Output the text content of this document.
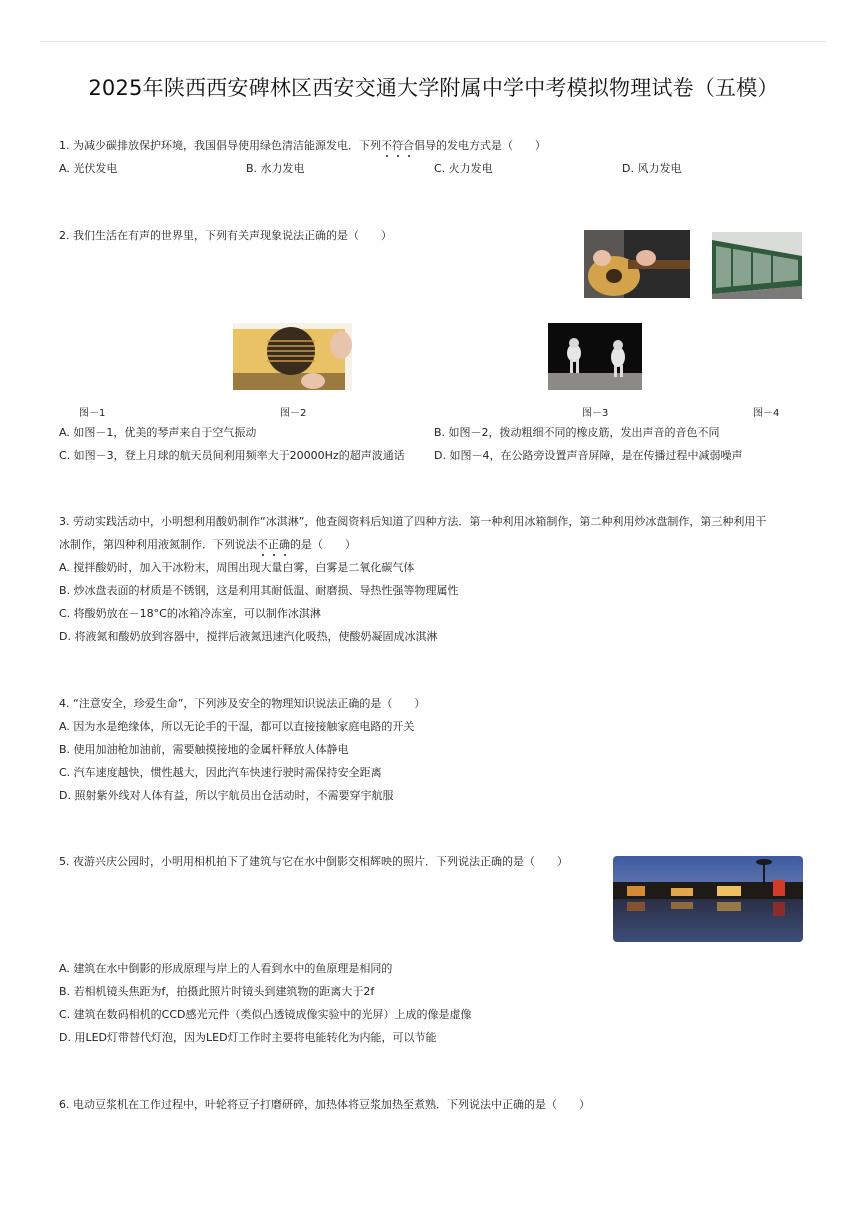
2025年陕西西安碑林区西安交通大学附属中学中考模拟物理试卷（五模）
1. 为减少碳排放保护环境，我国倡导使用绿色清洁能源发电．下列不符合倡导的发电方式是（　　）
A. 光伏发电	B. 水力发电	C. 火力发电	D. 风力发电
2. 我们生活在有声的世界里，下列有关声现象说法正确的是（　　）
图－1	图－2	图－3	图－4
A. 如图－1，优美的琴声来自于空气振动	B. 如图－2，拨动粗细不同的橡皮筋，发出声音的音色不同
C. 如图－3，登上月球的航天员间利用频率大于20000Hz的超声波通话	D. 如图－4，在公路旁设置声音屏障，是在传播过程中减弱噪声
3. 劳动实践活动中，小明想利用酸奶制作“冰淇淋”，他查阅资料后知道了四种方法．第一种利用冰箱制作，第二种利用炒冰盘制作，第三种利用干
冰制作，第四种利用液氮制作．下列说法不正确的是（　　）
A. 搅拌酸奶时，加入干冰粉末，周围出现大量白雾，白雾是二氧化碳气体
B. 炒冰盘表面的材质是不锈钢，这是利用其耐低温、耐磨损、导热性强等物理属性
C. 将酸奶放在－18°C的冰箱冷冻室，可以制作冰淇淋
D. 将液氮和酸奶放到容器中，搅拌后液氮迅速汽化吸热，使酸奶凝固成冰淇淋
4. “注意安全，珍爱生命”，下列涉及安全的物理知识说法正确的是（　　）
A. 因为水是绝缘体，所以无论手的干湿，都可以直接接触家庭电路的开关
B. 使用加油枪加油前，需要触摸接地的金属杆释放人体静电
C. 汽车速度越快，惯性越大，因此汽车快速行驶时需保持安全距离
D. 照射紫外线对人体有益，所以宇航员出仓活动时，不需要穿宇航服
5. 夜游兴庆公园时，小明用相机拍下了建筑与它在水中倒影交相辉映的照片．下列说法正确的是（　　）
A. 建筑在水中倒影的形成原理与岸上的人看到水中的鱼原理是相同的
B. 若相机镜头焦距为f，拍摄此照片时镜头到建筑物的距离大于2f
C. 建筑在数码相机的CCD感光元件（类似凸透镜成像实验中的光屏）上成的像是虚像
D. 用LED灯带替代灯泡，因为LED灯工作时主要将电能转化为内能，可以节能
6. 电动豆浆机在工作过程中，叶轮将豆子打磨研碎，加热体将豆浆加热至煮熟．下列说法中正确的是（　　）
